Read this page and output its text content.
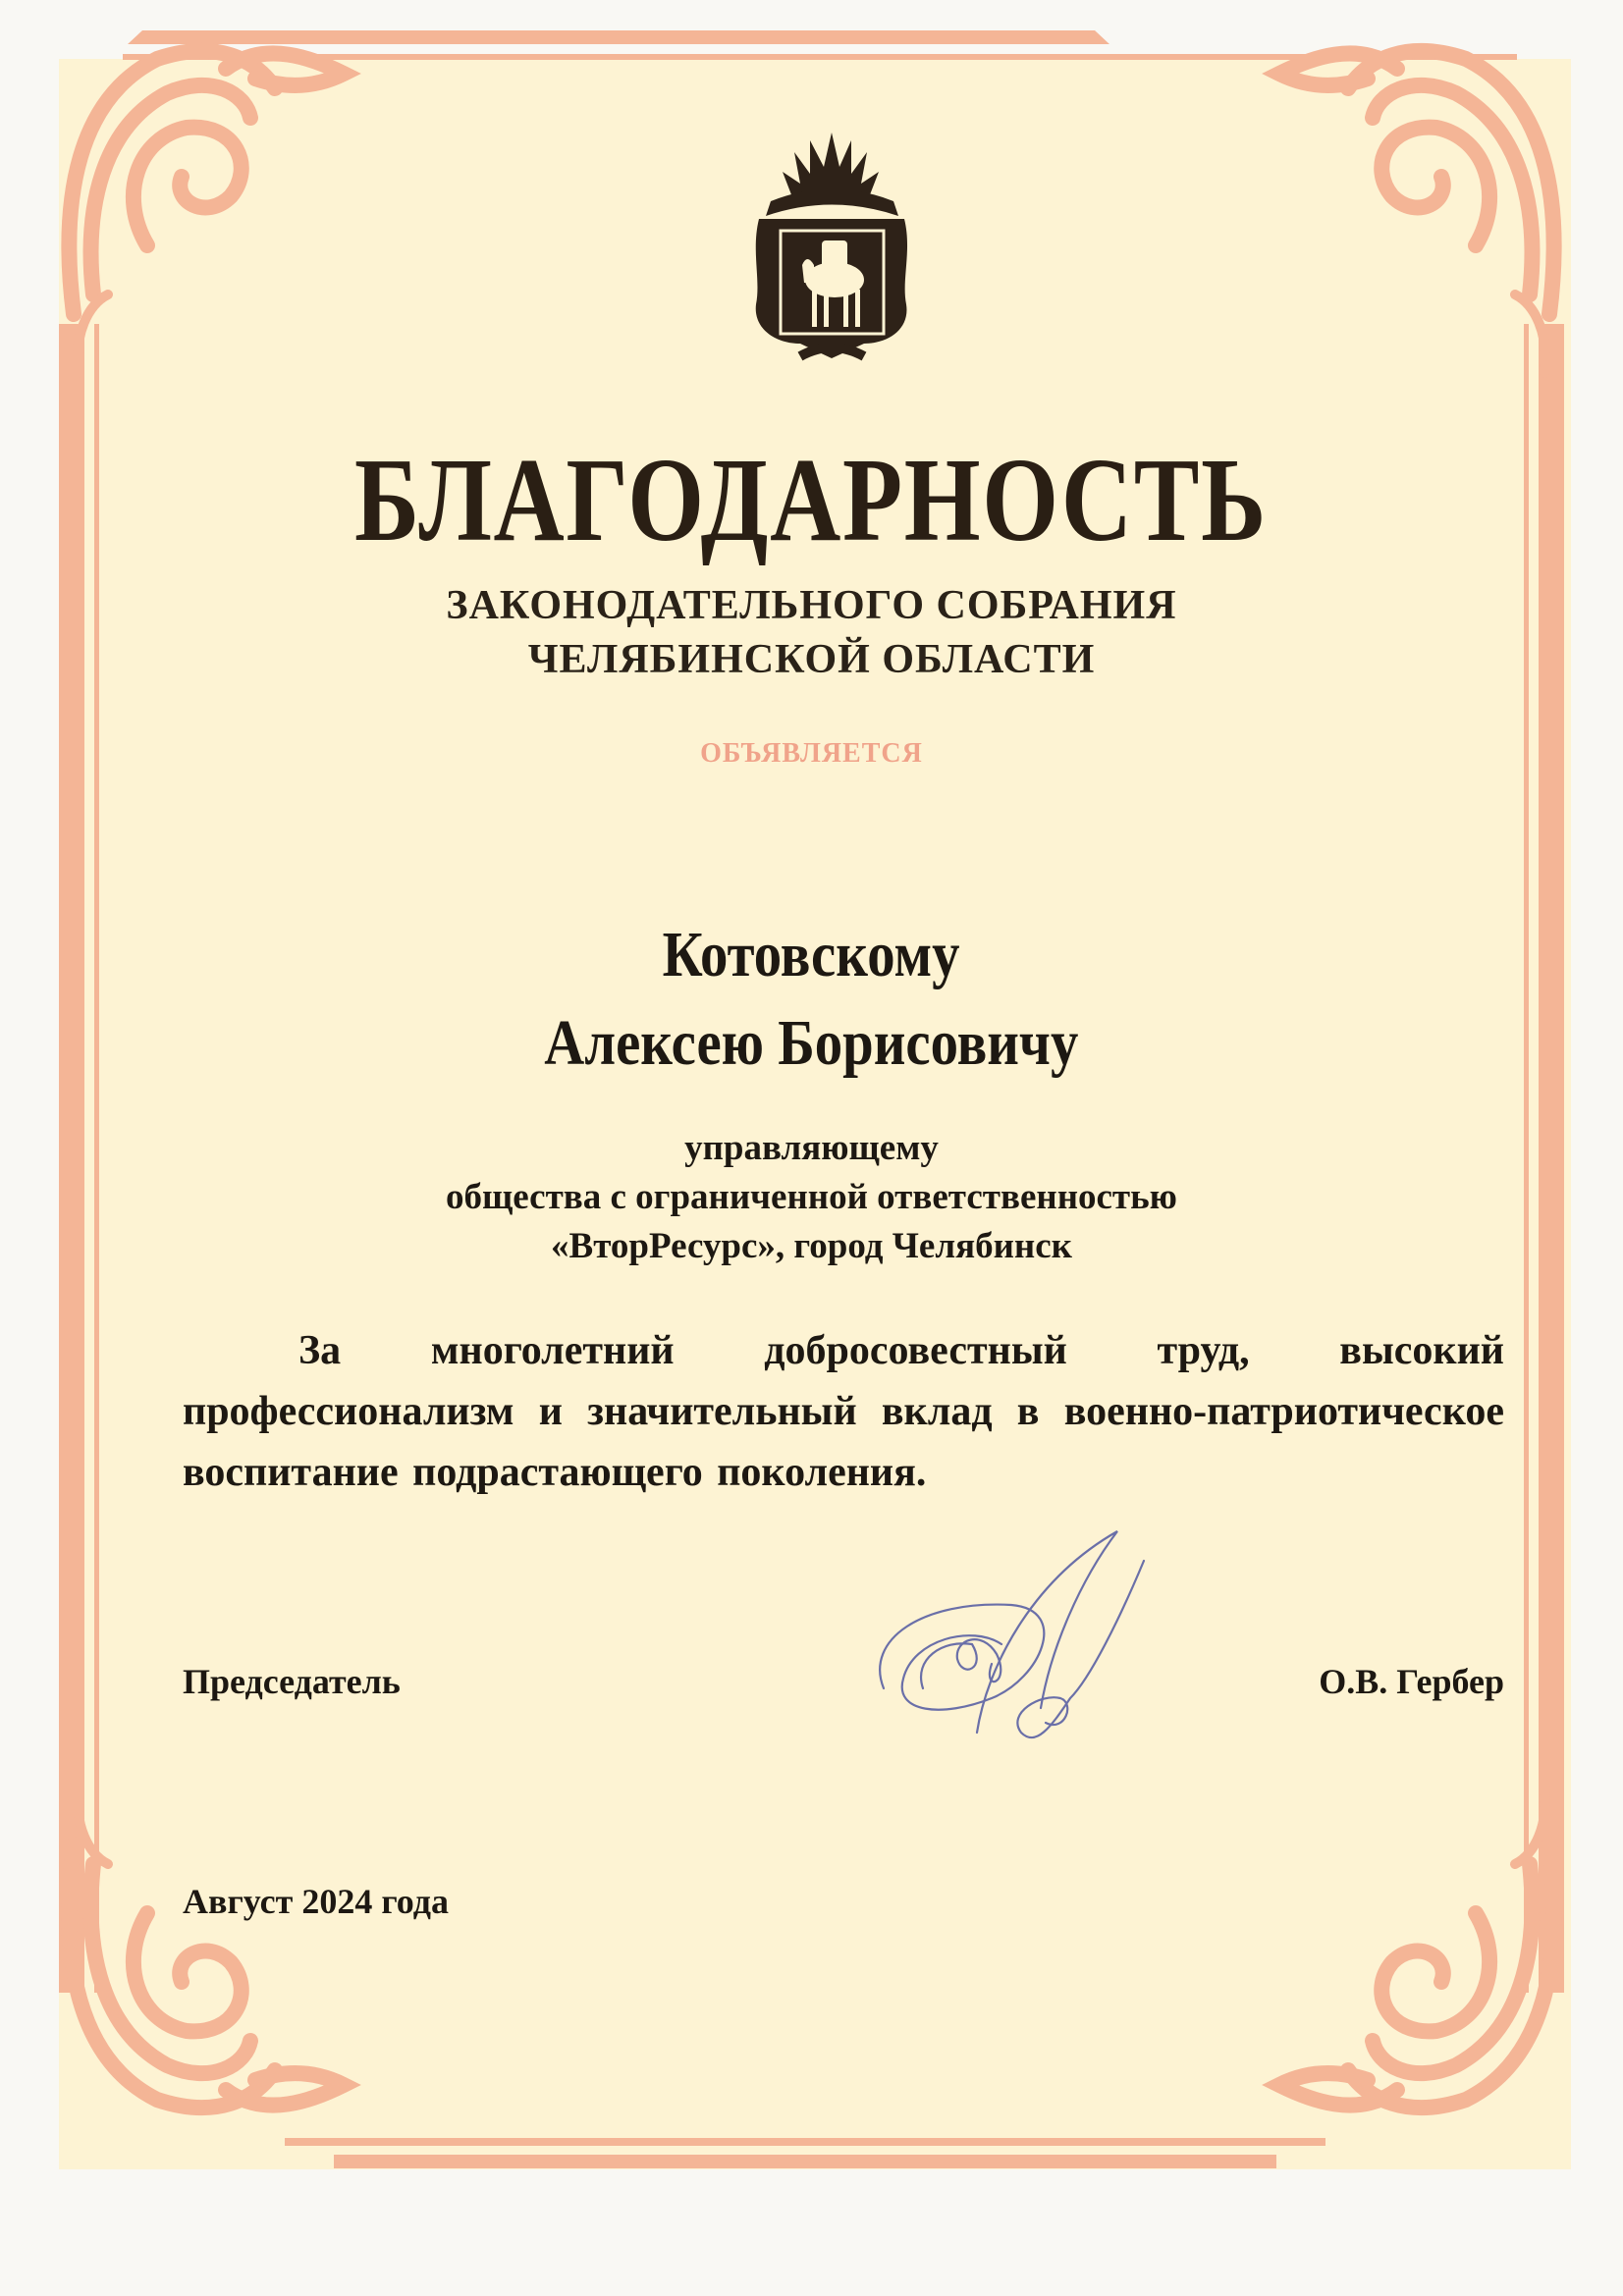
БЛАГОДАРНОСТЬ
ЗАКОНОДАТЕЛЬНОГО СОБРАНИЯ
ЧЕЛЯБИНСКОЙ ОБЛАСТИ
ОБЪЯВЛЯЕТСЯ
Котовскому
Алексею Борисовичу
управляющему
общества с ограниченной ответственностью
«ВторРесурс», город Челябинск
За многолетний добросовестный труд, высокий профессионализм и значительный вклад в военно-патриотическое воспитание подрастающего поколения.
Председатель	О.В. Гербер
Август 2024 года
